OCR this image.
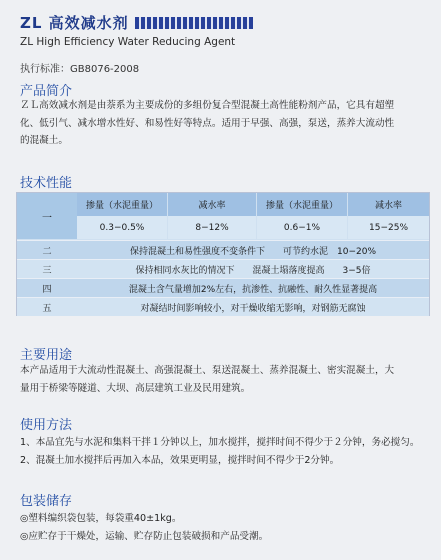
ZL 高效减水剂
ZL High Efficiency Water Reducing Agent
执行标准：GB8076-2008
产品简介
ＺＬ高效减水剂是由萘系为主要成份的多组份复合型混凝土高性能粉剂产品，它具有超塑
化、低引气、减水增水性好、和易性好等特点。适用于早强、高强，泵送，蒸养大流动性
的混凝土。
技术性能
一
掺量（水泥重量）	减水率	掺量（水泥重量）	减水率
0.3−0.5%	8−12%	0.6−1%	15−25%
二	保持混凝土和易性强度不变条件下　　可节约水泥　10−20%
三	保持相同水灰比的情况下　　混凝土塌落度提高　　3−5倍
四	混凝土含气量增加2%左右，抗渗性、抗融性、耐久性显著提高
五	对凝结时间影响较小，对干燥收缩无影响，对钢筋无腐蚀
主要用途
本产品适用于大流动性混凝土、高强混凝土、泵送混凝土、蒸养混凝土、密实混凝土，大
量用于桥梁等隧道、大坝、高层建筑工业及民用建筑。
使用方法
1、本品宜先与水泥和集料干拌１分钟以上，加水搅拌，搅拌时间不得少于２分钟，务必搅匀。
2、混凝土加水搅拌后再加入本品，效果更明显，搅拌时间不得少于2分钟。
包装储存
◎塑料编织袋包装，每袋重40±1kg。
◎应贮存于干燥处，运输、贮存防止包装破损和产品受潮。
